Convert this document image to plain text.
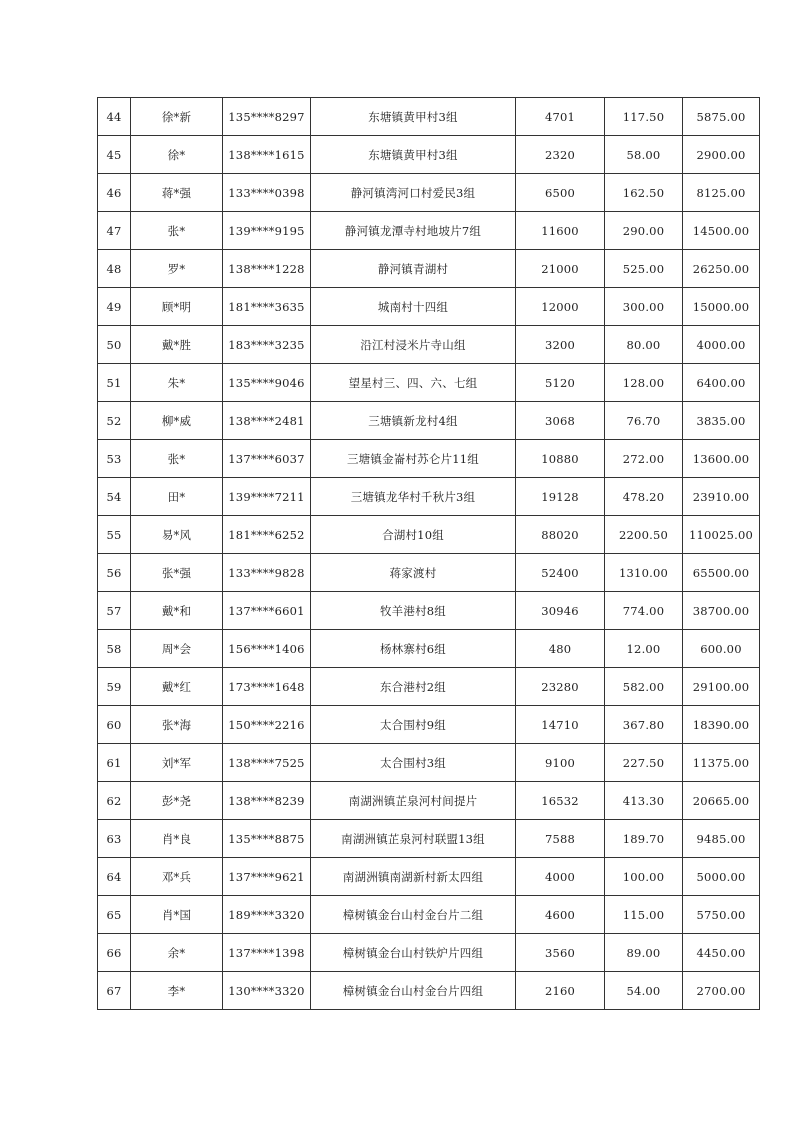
44	徐*新	135****8297	东塘镇黄甲村3组	4701	117.50	5875.00
45	徐*	138****1615	东塘镇黄甲村3组	2320	58.00	2900.00
46	蒋*强	133****0398	静河镇湾河口村爱民3组	6500	162.50	8125.00
47	张*	139****9195	静河镇龙潭寺村地坡片7组	11600	290.00	14500.00
48	罗*	138****1228	静河镇青湖村	21000	525.00	26250.00
49	顾*明	181****3635	城南村十四组	12000	300.00	15000.00
50	戴*胜	183****3235	沿江村浸米片寺山组	3200	80.00	4000.00
51	朱*	135****9046	望星村三、四、六、七组	5120	128.00	6400.00
52	柳*威	138****2481	三塘镇新龙村4组	3068	76.70	3835.00
53	张*	137****6037	三塘镇金崙村苏仑片11组	10880	272.00	13600.00
54	田*	139****7211	三塘镇龙华村千秋片3组	19128	478.20	23910.00
55	易*风	181****6252	合湖村10组	88020	2200.50	110025.00
56	张*强	133****9828	蒋家渡村	52400	1310.00	65500.00
57	戴*和	137****6601	牧羊港村8组	30946	774.00	38700.00
58	周*会	156****1406	杨林寨村6组	480	12.00	600.00
59	戴*红	173****1648	东合港村2组	23280	582.00	29100.00
60	张*海	150****2216	太合围村9组	14710	367.80	18390.00
61	刘*军	138****7525	太合围村3组	9100	227.50	11375.00
62	彭*尧	138****8239	南湖洲镇芷泉河村间提片	16532	413.30	20665.00
63	肖*良	135****8875	南湖洲镇芷泉河村联盟13组	7588	189.70	9485.00
64	邓*兵	137****9621	南湖洲镇南湖新村新太四组	4000	100.00	5000.00
65	肖*国	189****3320	樟树镇金台山村金台片二组	4600	115.00	5750.00
66	余*	137****1398	樟树镇金台山村铁炉片四组	3560	89.00	4450.00
67	李*	130****3320	樟树镇金台山村金台片四组	2160	54.00	2700.00
